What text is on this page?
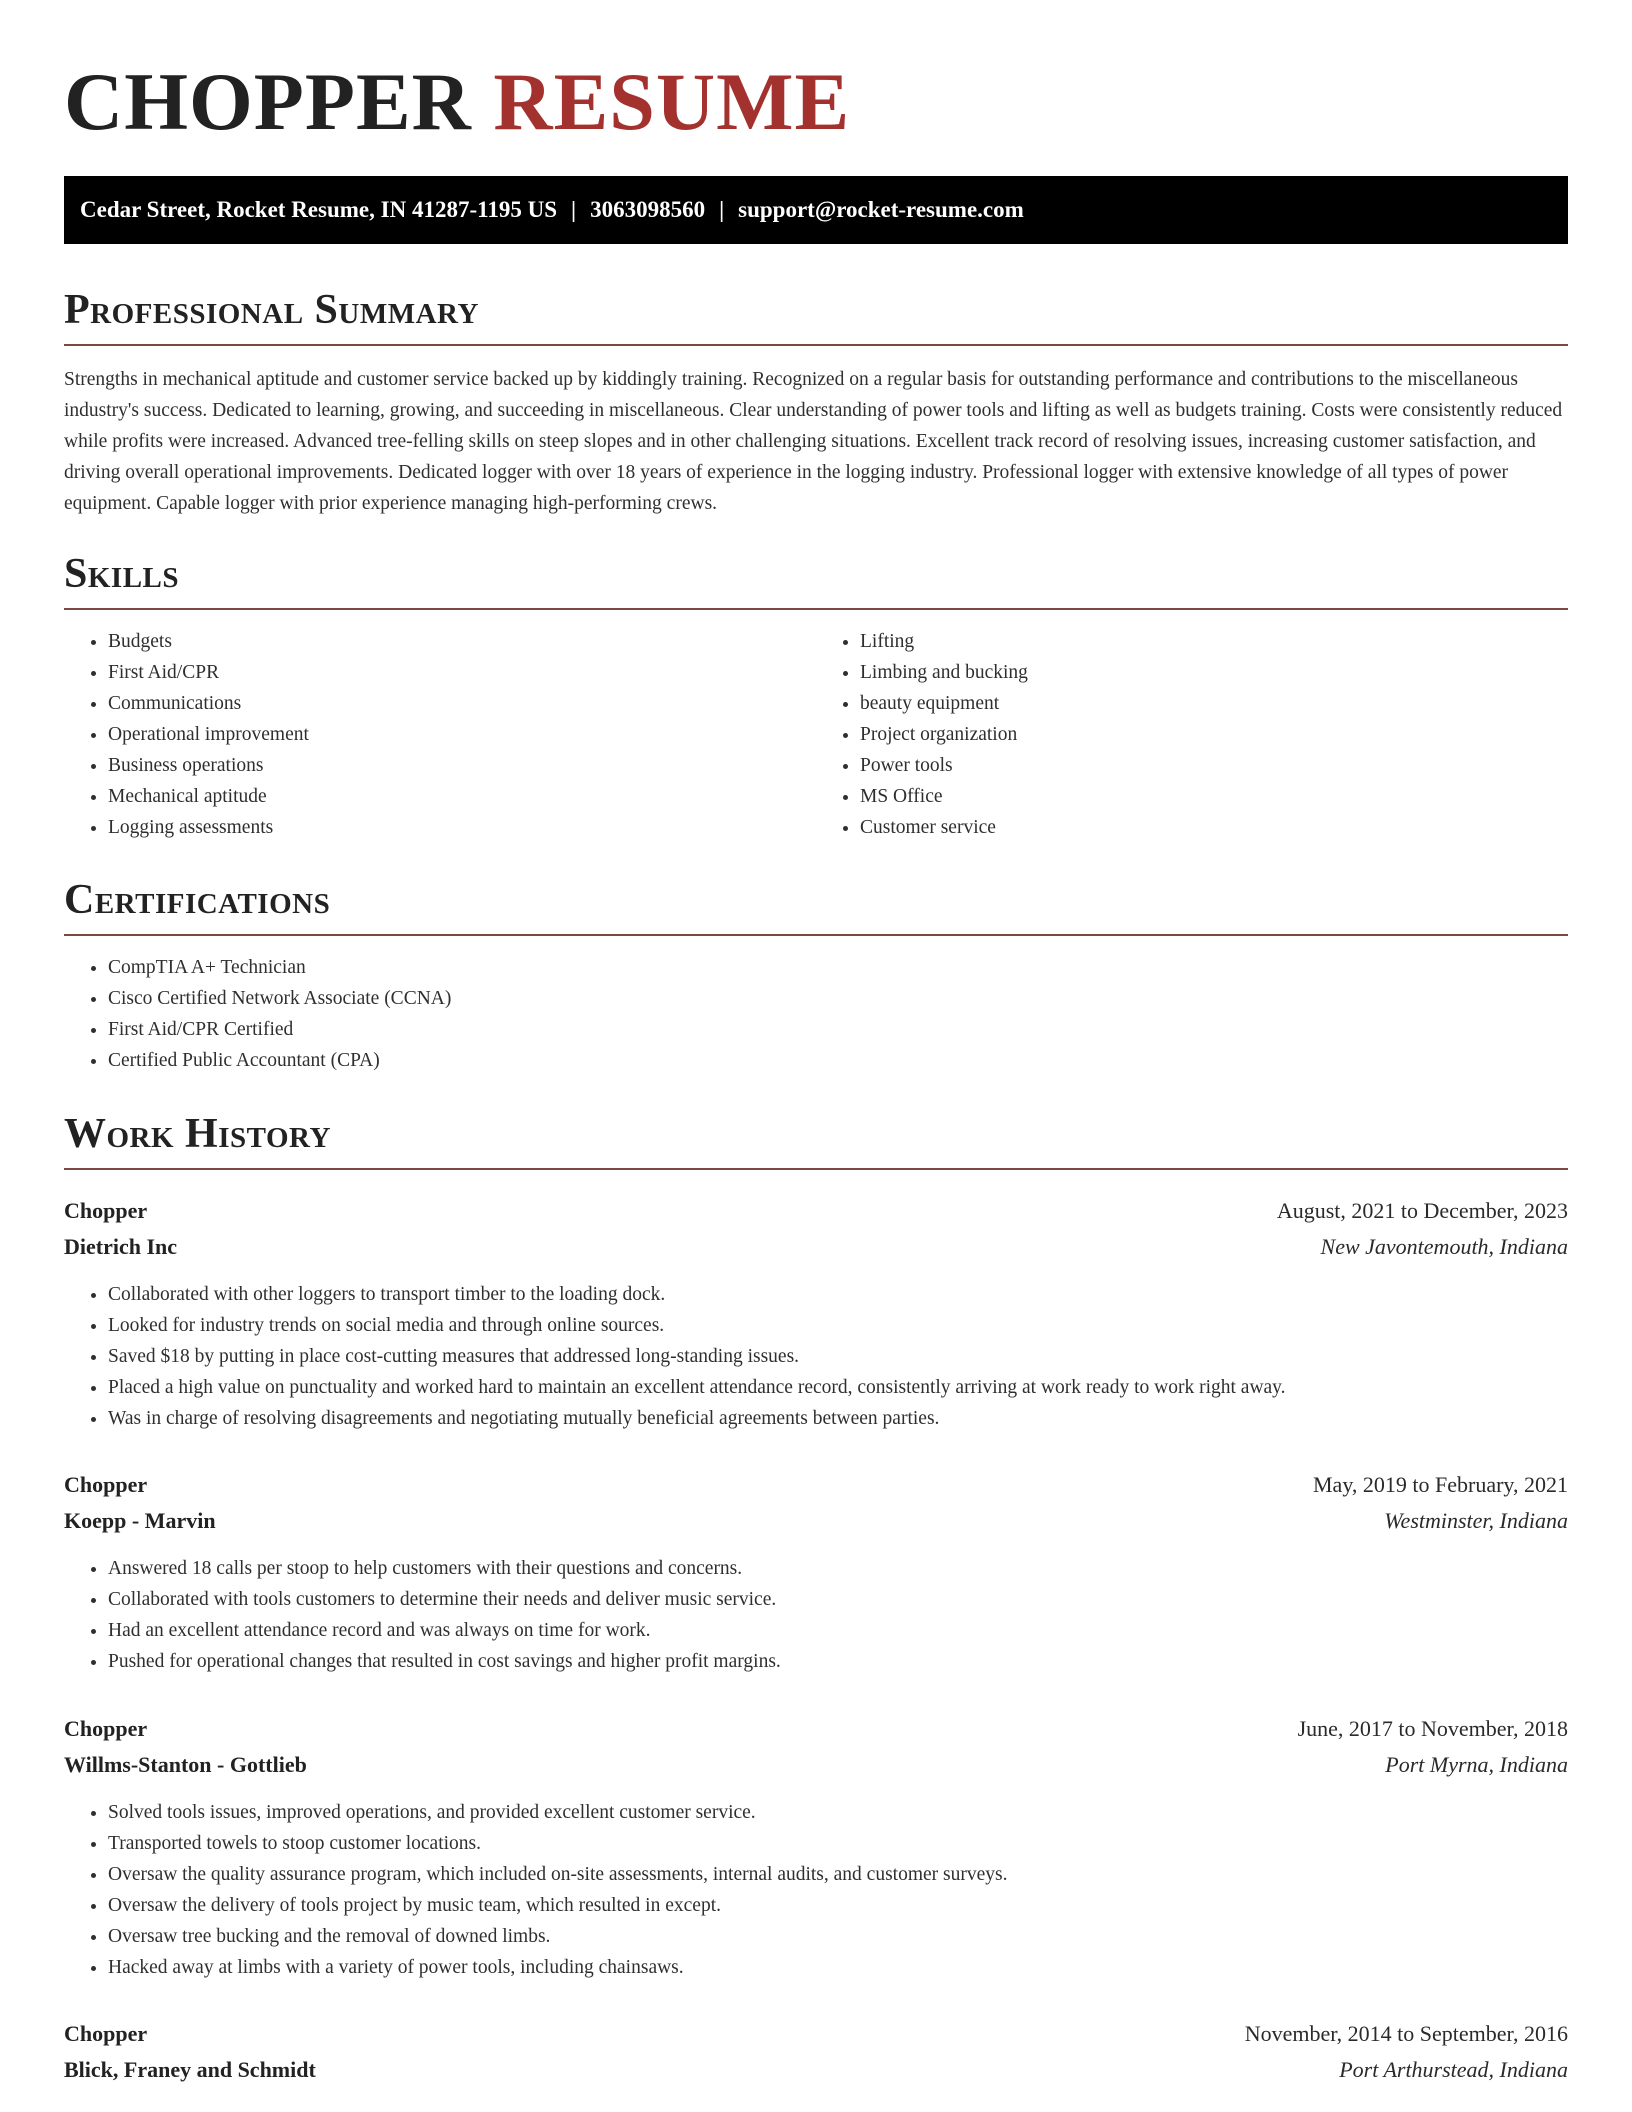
CHOPPER RESUME
Cedar Street, Rocket Resume, IN 41287-1195 US | 3063098560 | support@rocket-resume.com
Professional Summary

Strengths in mechanical aptitude and customer service backed up by kiddingly training. Recognized on a regular basis for outstanding performance and contributions to the miscellaneous industry's success. Dedicated to learning, growing, and succeeding in miscellaneous. Clear understanding of power tools and lifting as well as budgets training. Costs were consistently reduced while profits were increased. Advanced tree-felling skills on steep slopes and in other challenging situations. Excellent track record of resolving issues, increasing customer satisfaction, and driving overall operational improvements. Dedicated logger with over 18 years of experience in the logging industry. Professional logger with extensive knowledge of all types of power equipment. Capable logger with prior experience managing high-performing crews.

Skills
• Budgets
• First Aid/CPR
• Communications
• Operational improvement
• Business operations
• Mechanical aptitude
• Logging assessments
• Lifting
• Limbing and bucking
• beauty equipment
• Project organization
• Power tools
• MS Office
• Customer service
Certifications
• CompTIA A+ Technician
• Cisco Certified Network Associate (CCNA)
• First Aid/CPR Certified
• Certified Public Accountant (CPA)
Work History
Chopper	August, 2021 to December, 2023
Dietrich Inc	New Javontemouth, Indiana
• Collaborated with other loggers to transport timber to the loading dock.
• Looked for industry trends on social media and through online sources.
• Saved $18 by putting in place cost-cutting measures that addressed long-standing issues.
• Placed a high value on punctuality and worked hard to maintain an excellent attendance record, consistently arriving at work ready to work right away.
• Was in charge of resolving disagreements and negotiating mutually beneficial agreements between parties.
Chopper	May, 2019 to February, 2021
Koepp - Marvin	Westminster, Indiana
• Answered 18 calls per stoop to help customers with their questions and concerns.
• Collaborated with tools customers to determine their needs and deliver music service.
• Had an excellent attendance record and was always on time for work.
• Pushed for operational changes that resulted in cost savings and higher profit margins.
Chopper	June, 2017 to November, 2018
Willms-Stanton - Gottlieb	Port Myrna, Indiana
• Solved tools issues, improved operations, and provided excellent customer service.
• Transported towels to stoop customer locations.
• Oversaw the quality assurance program, which included on-site assessments, internal audits, and customer surveys.
• Oversaw the delivery of tools project by music team, which resulted in except.
• Oversaw tree bucking and the removal of downed limbs.
• Hacked away at limbs with a variety of power tools, including chainsaws.
Chopper	November, 2014 to September, 2016
Blick, Franey and Schmidt	Port Arthurstead, Indiana
